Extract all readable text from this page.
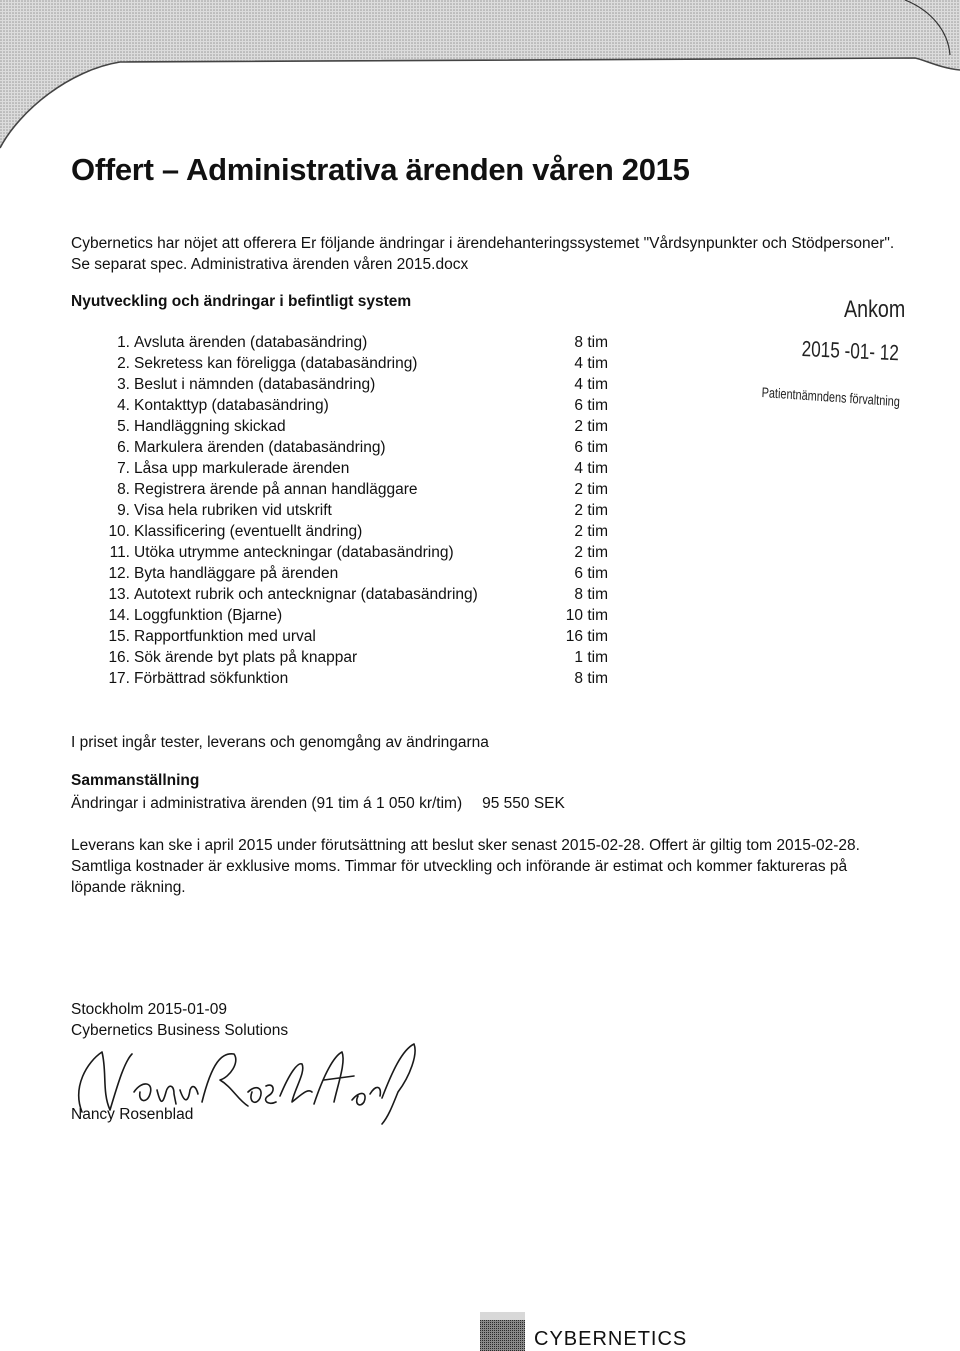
Offert – Administrativa ärenden våren 2015

Cybernetics har nöjet att offerera Er följande ändringar i ärendehanteringssystemet "Vårdsynpunkter och Stödpersoner". Se separat spec. Administrativa ärenden våren 2015.docx

Nyutveckling och ändringar i befintligt system
1. Avsluta ärenden (databasändring)	8 tim
2. Sekretess kan föreligga (databasändring)	4 tim
3. Beslut i nämnden (databasändring)	4 tim
4. Kontakttyp (databasändring)	6 tim
5. Handläggning skickad	2 tim
6. Markulera ärenden (databasändring)	6 tim
7. Låsa upp markulerade ärenden	4 tim
8. Registrera ärende på annan handläggare	2 tim
9. Visa hela rubriken vid utskrift	2 tim
10. Klassificering (eventuellt ändring)	2 tim
11. Utöka utrymme anteckningar (databasändring)	2 tim
12. Byta handläggare på ärenden	6 tim
13. Autotext rubrik och antecknignar (databasändring)	8 tim
14. Loggfunktion (Bjarne)	10 tim
15. Rapportfunktion med urval	16 tim
16. Sök ärende byt plats på knappar	1 tim
17. Förbättrad sökfunktion	8 tim
Ankom
2015 -01- 12
Patientnämndens förvaltning

I priset ingår tester, leverans och genomgång av ändringarna

Sammanställning

Ändringar i administrativa ärenden (91 tim á 1 050 kr/tim) 95 550 SEK

Leverans kan ske i april 2015 under förutsättning att beslut sker senast 2015-02-28. Offert är giltig tom 2015-02-28. Samtliga kostnader är exklusive moms. Timmar för utveckling och införande är estimat och kommer faktureras på löpande räkning.

Stockholm 2015-01-09

Cybernetics Business Solutions

Nancy Rosenblad

CYBERNETICS
